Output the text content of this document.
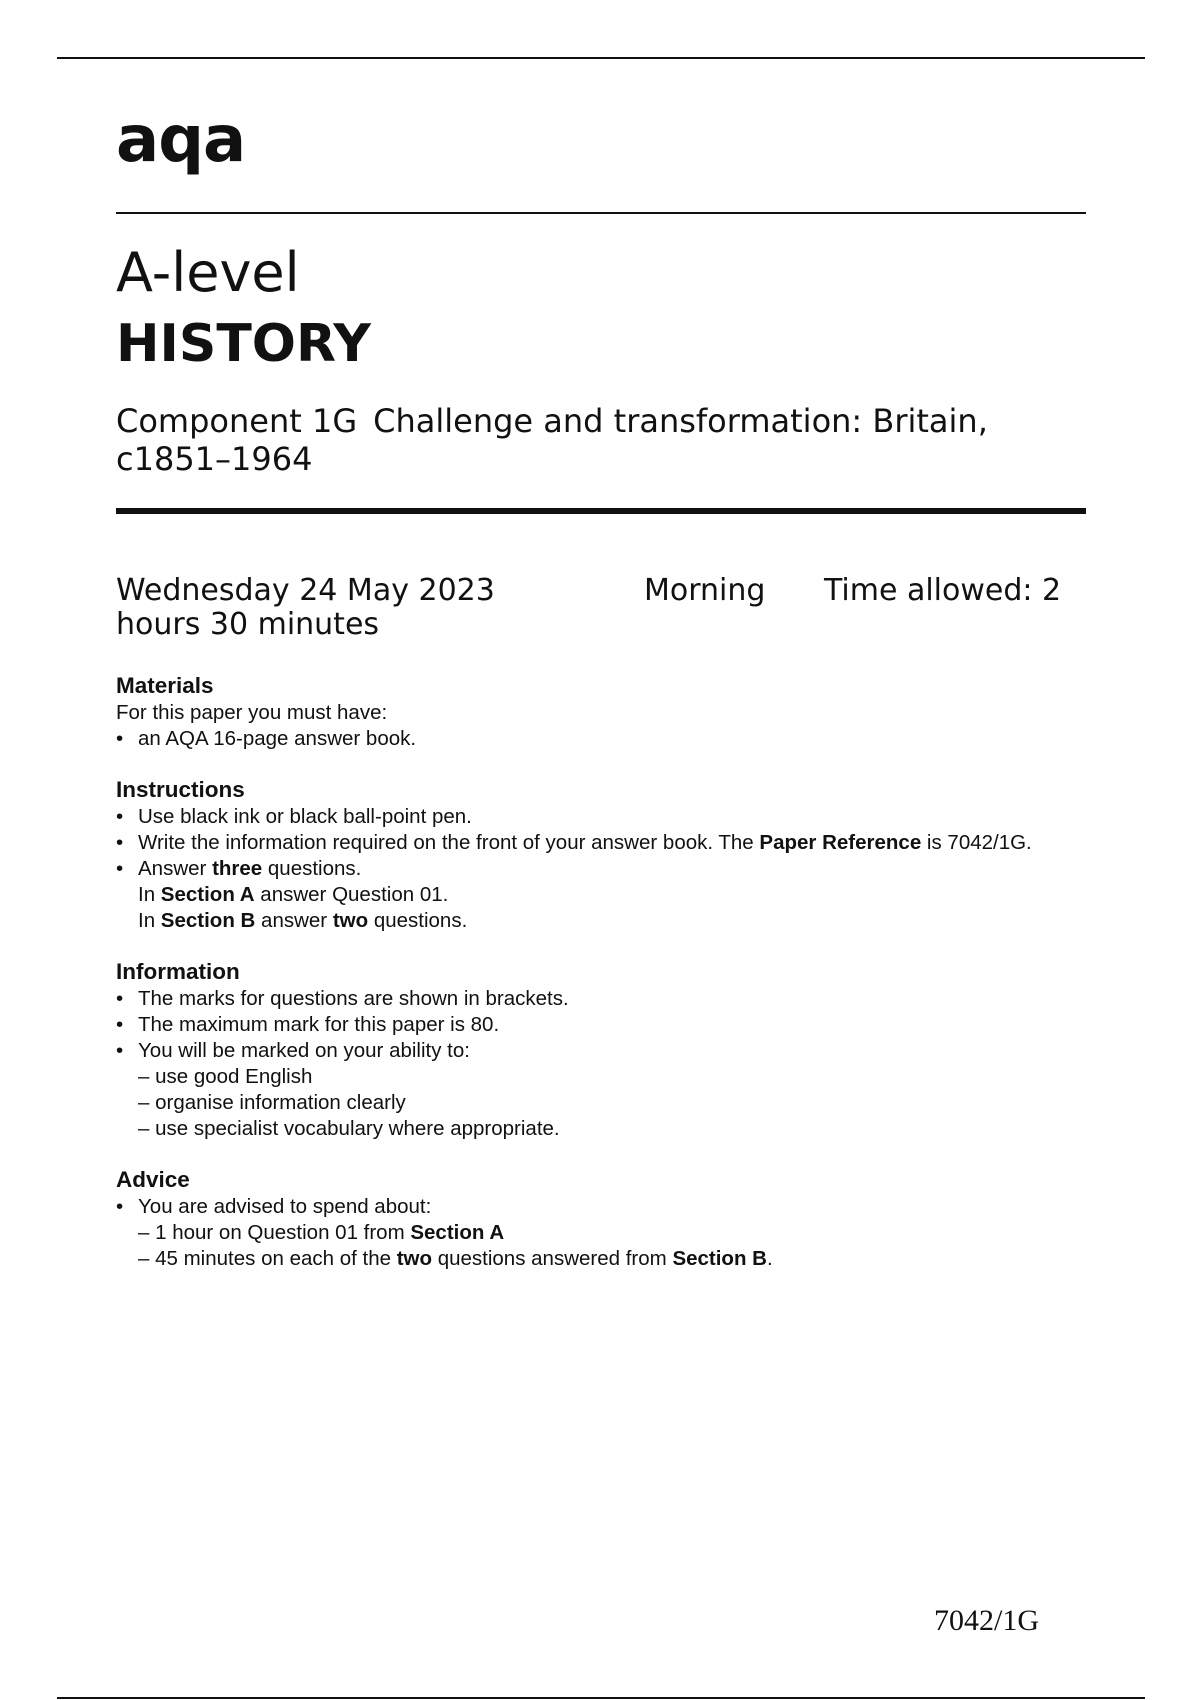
aqa
A-level
HISTORY
Component 1G Challenge and transformation: Britain, c1851–1964
Wednesday 24 May 2023	Morning Time allowed: 2
hours 30 minutes

Materials

For this paper you must have:

• an AQA 16-page answer book.

Instructions

• Use black ink or black ball-point pen.
• Write the information required on the front of your answer book. The Paper Reference is 7042/1G.
• Answer three questions.
In Section A answer Question 01.
In Section B answer two questions.

Information

• The marks for questions are shown in brackets.
• The maximum mark for this paper is 80.
• You will be marked on your ability to:
– use good English
– organise information clearly
– use specialist vocabulary where appropriate.

Advice

• You are advised to spend about:
– 1 hour on Question 01 from Section A
– 45 minutes on each of the two questions answered from Section B.
7042/1G
